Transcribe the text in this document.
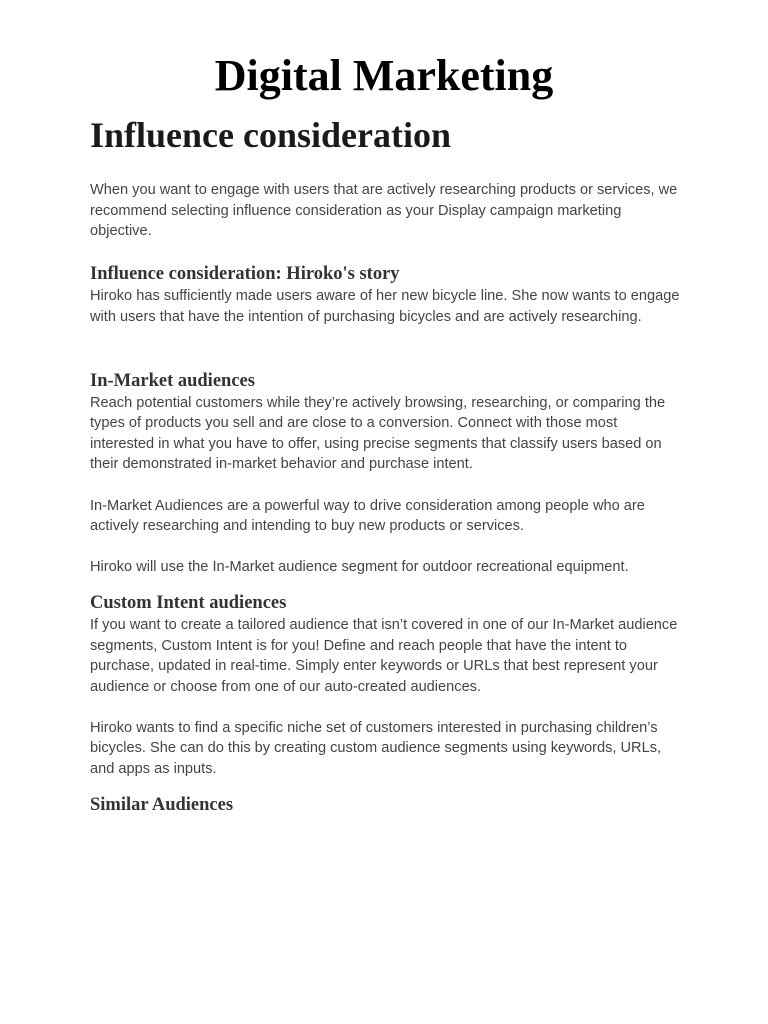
Digital Marketing
Influence consideration

When you want to engage with users that are actively researching products or services, we recommend selecting influence consideration as your Display campaign marketing objective.

Influence consideration: Hiroko's story

Hiroko has sufficiently made users aware of her new bicycle line. She now wants to engage with users that have the intention of purchasing bicycles and are actively researching.

In-Market audiences

Reach potential customers while they’re actively browsing, researching, or comparing the types of products you sell and are close to a conversion. Connect with those most interested in what you have to offer, using precise segments that classify users based on their demonstrated in-market behavior and purchase intent.

In-Market Audiences are a powerful way to drive consideration among people who are actively researching and intending to buy new products or services.

Hiroko will use the In-Market audience segment for outdoor recreational equipment.

Custom Intent audiences

If you want to create a tailored audience that isn’t covered in one of our In-Market audience segments, Custom Intent is for you! Define and reach people that have the intent to purchase, updated in real-time. Simply enter keywords or URLs that best represent your audience or choose from one of our auto-created audiences.

Hiroko wants to find a specific niche set of customers interested in purchasing children’s bicycles. She can do this by creating custom audience segments using keywords, URLs, and apps as inputs.

Similar Audiences
